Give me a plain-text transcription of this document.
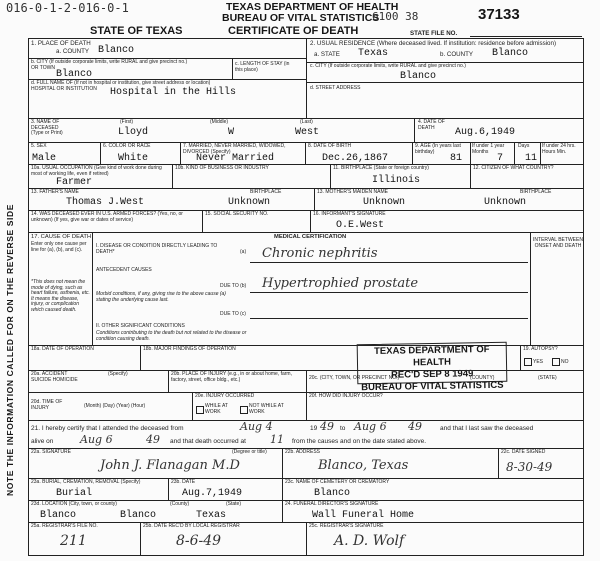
NOTE THE INFORMATION CALLED FOR ON THE REVERSE SIDE
016-0-1-2-016-0-1	TEXAS DEPARTMENT OF HEALTH
BUREAU OF VITAL STATISTICS
6100 38	37133
STATE OF TEXAS	CERTIFICATE OF DEATH	STATE FILE NO.
1. PLACE OF DEATH
a. COUNTY Blanco
b. CITY (If outside corporate limits, write RURAL and give precinct no.)
OR TOWN
Blanco
c. LENGTH OF STAY (in this place)
d. FULL NAME OF (If not in hospital or institution, give street address or location)
HOSPITAL OR INSTITUTION Hospital in the Hills
2. USUAL RESIDENCE (Where deceased lived. If institution: residence before admission)
a. STATE Texas	b. COUNTY Blanco
c. CITY (If outside corporate limits, write RURAL and give precinct no.)
Blanco
d. STREET ADDRESS
3. NAME OF DECEASED (Type or Print)
(First)	(Middle)	(Last)
Lloyd	W	West
4. DATE OF DEATH	Aug.6,1949
5. SEX
Male
6. COLOR OR RACE
White
7. MARRIED, NEVER MARRIED, WIDOWED, DIVORCED (Specify)
Never Married
8. DATE OF BIRTH
Dec.26,1867
9. AGE (In years last birthday)
81
If under 1 year Months
7
Days
11
If under 24 hrs. Hours Min.
10a. USUAL OCCUPATION (Give kind of work done during most of working life, even if retired)
Farmer
10b. KIND OF BUSINESS OR INDUSTRY	11. BIRTHPLACE (State or foreign country)
Illinois
12. CITIZEN OF WHAT COUNTRY?
13. FATHER'S NAME
Thomas J.West
BIRTHPLACE
Unknown
13. MOTHER'S MAIDEN NAME
Unknown
BIRTHPLACE
Unknown
14. WAS DECEASED EVER IN U.S. ARMED FORCES? (Yes, no, or unknown) (If yes, give war or dates of service)
15. SOCIAL SECURITY NO.	16. INFORMANT'S SIGNATURE
O.E.West
17. CAUSE OF DEATH
Enter only one cause per line for (a), (b), and (c).
*This does not mean the mode of dying, such as heart failure, asthenia, etc. It means the disease, injury, or complication which caused death.
MEDICAL CERTIFICATION
I. DISEASE OR CONDITION DIRECTLY LEADING TO DEATH*	(a) Chronic nephritis
ANTECEDENT CAUSES
Morbid conditions, if any, giving rise to the above cause (a) stating the underlying cause last.
DUE TO (b) Hypertrophied prostate
DUE TO (c)
II. OTHER SIGNIFICANT CONDITIONS
Conditions contributing to the death but not related to the disease or condition causing death.
INTERVAL BETWEEN ONSET AND DEATH
18a. DATE OF OPERATION	18b. MAJOR FINDINGS OF OPERATION	TEXAS DEPARTMENT OF HEALTH
REC'D SEP 8 1949
BUREAU OF VITAL STATISTICS
19. AUTOPSY?
YES	NO
20a. ACCIDENT SUICIDE HOMICIDE
(Specify)	20b. PLACE OF INJURY (e.g., in or about home, farm, factory, street, office bldg., etc.)	20c. (CITY, TOWN, OR PRECINCT NO.)	(COUNTY)	(STATE)
20d. TIME OF INJURY	(Month) (Day) (Year) (Hour)
20e. INJURY OCCURRED
WHILE AT WORK
NOT WHILE AT WORK
20f. HOW DID INJURY OCCUR?
21. I hereby certify that I attended the deceased from	Aug 4	19 49 to Aug 6 49	and that I last saw the deceased
alive on Aug 6	49 and that death occurred at 11 from the causes and on the date stated above.
22a. SIGNATURE	(Degree or title)
John J. Flanagan M.D
22b. ADDRESS
Blanco, Texas
22c. DATE SIGNED
8-30-49
23a. BURIAL, CREMATION, REMOVAL (Specify)
Burial
23b. DATE
Aug.7,1949
23c. NAME OF CEMETERY OR CREMATORY
Blanco
23d. LOCATION (City, town, or county)	(County)	(State)
Blanco	Blanco	Texas
24. FUNERAL DIRECTOR'S SIGNATURE
Wall Funeral Home
25a. REGISTRAR'S FILE NO.
211
25b. DATE REC'D BY LOCAL REGISTRAR
8-6-49
25c. REGISTRAR'S SIGNATURE
A. D. Wolf
